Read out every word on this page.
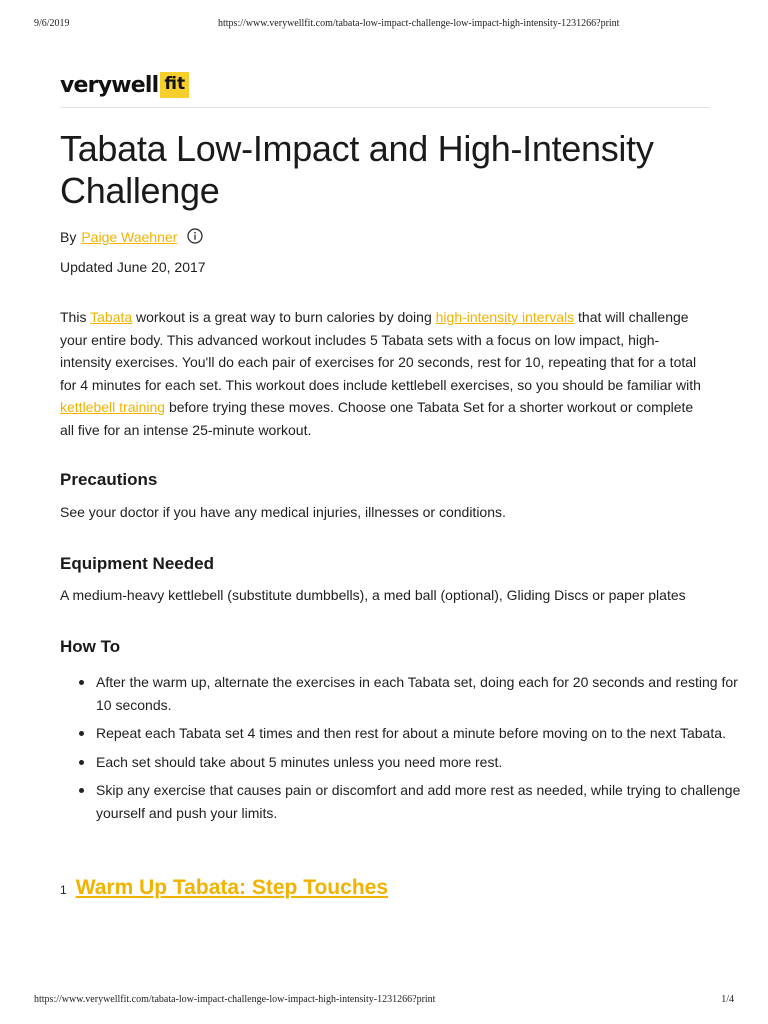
9/6/2019	https://www.verywellfit.com/tabata-low-impact-challenge-low-impact-high-intensity-1231266?print
verywell fit
Tabata Low-Impact and High-Intensity Challenge
By Paige Waehner
Updated June 20, 2017

This Tabata workout is a great way to burn calories by doing high-intensity intervals that will challenge your entire body. This advanced workout includes 5 Tabata sets with a focus on low impact, high-intensity exercises. You'll do each pair of exercises for 20 seconds, rest for 10, repeating that for a total for 4 minutes for each set. This workout does include kettlebell exercises, so you should be familiar with kettlebell training before trying these moves. Choose one Tabata Set for a shorter workout or complete all five for an intense 25-minute workout.

Precautions

See your doctor if you have any medical injuries, illnesses or conditions.

Equipment Needed

A medium-heavy kettlebell (substitute dumbbells), a med ball (optional), Gliding Discs or paper plates

How To
After the warm up, alternate the exercises in each Tabata set, doing each for 20 seconds and resting for 10 seconds.
Repeat each Tabata set 4 times and then rest for about a minute before moving on to the next Tabata.
Each set should take about 5 minutes unless you need more rest.
Skip any exercise that causes pain or discomfort and add more rest as needed, while trying to challenge yourself and push your limits.
1 Warm Up Tabata: Step Touches
https://www.verywellfit.com/tabata-low-impact-challenge-low-impact-high-intensity-1231266?print	1/4
